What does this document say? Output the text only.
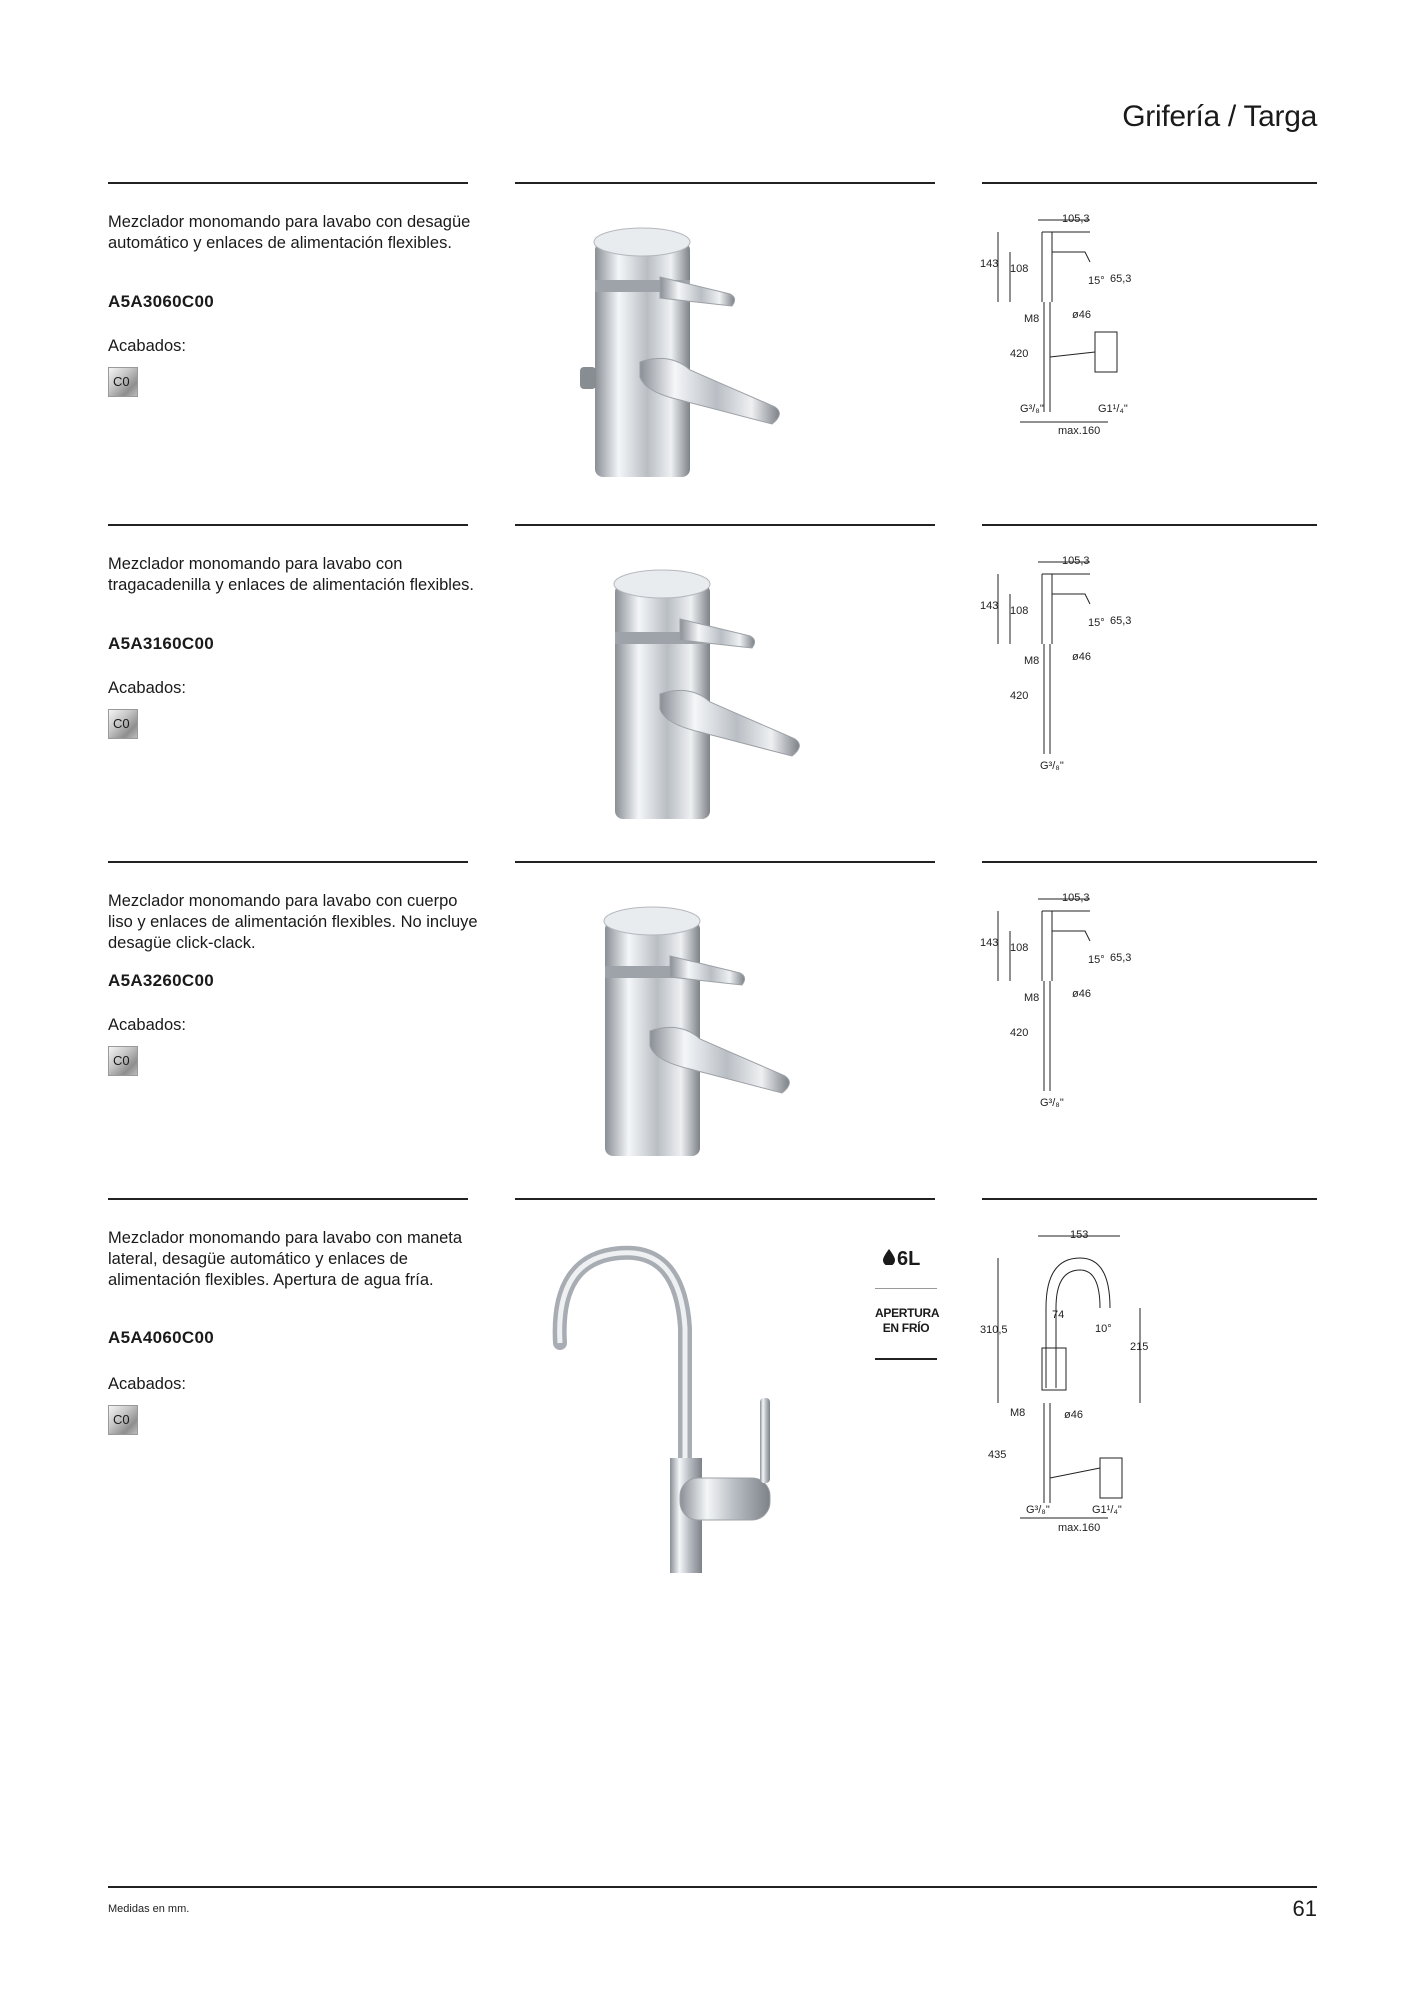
Grifería / Targa
Mezclador monomando para lavabo con desagüe automático y enlaces de alimentación flexibles.
A5A3060C00
Acabados:
C0
105,3
143 108
15° 65,3
M8	ø46
420
G³/₈"	G1¹/₄"
max.160
Mezclador monomando para lavabo con tragacadenilla y enlaces de alimentación flexibles.
A5A3160C00
Acabados:
C0
105,3
143 108
15° 65,3
M8	ø46
420
G³/₈"
Mezclador monomando para lavabo con cuerpo liso y enlaces de alimentación flexibles. No incluye desagüe click-clack.
A5A3260C00
Acabados:
C0
105,3
143 108
15° 65,3
M8	ø46
420
G³/₈"
Mezclador monomando para lavabo con maneta lateral, desagüe automático y enlaces de alimentación flexibles. Apertura de agua fría.
A5A4060C00
Acabados:
C0
6L
APERTURA EN FRÍO
153
310,5
74
10°
215
M8	ø46
435
G³/₈"	G1¹/₄"
max.160
Medidas en mm.	61
